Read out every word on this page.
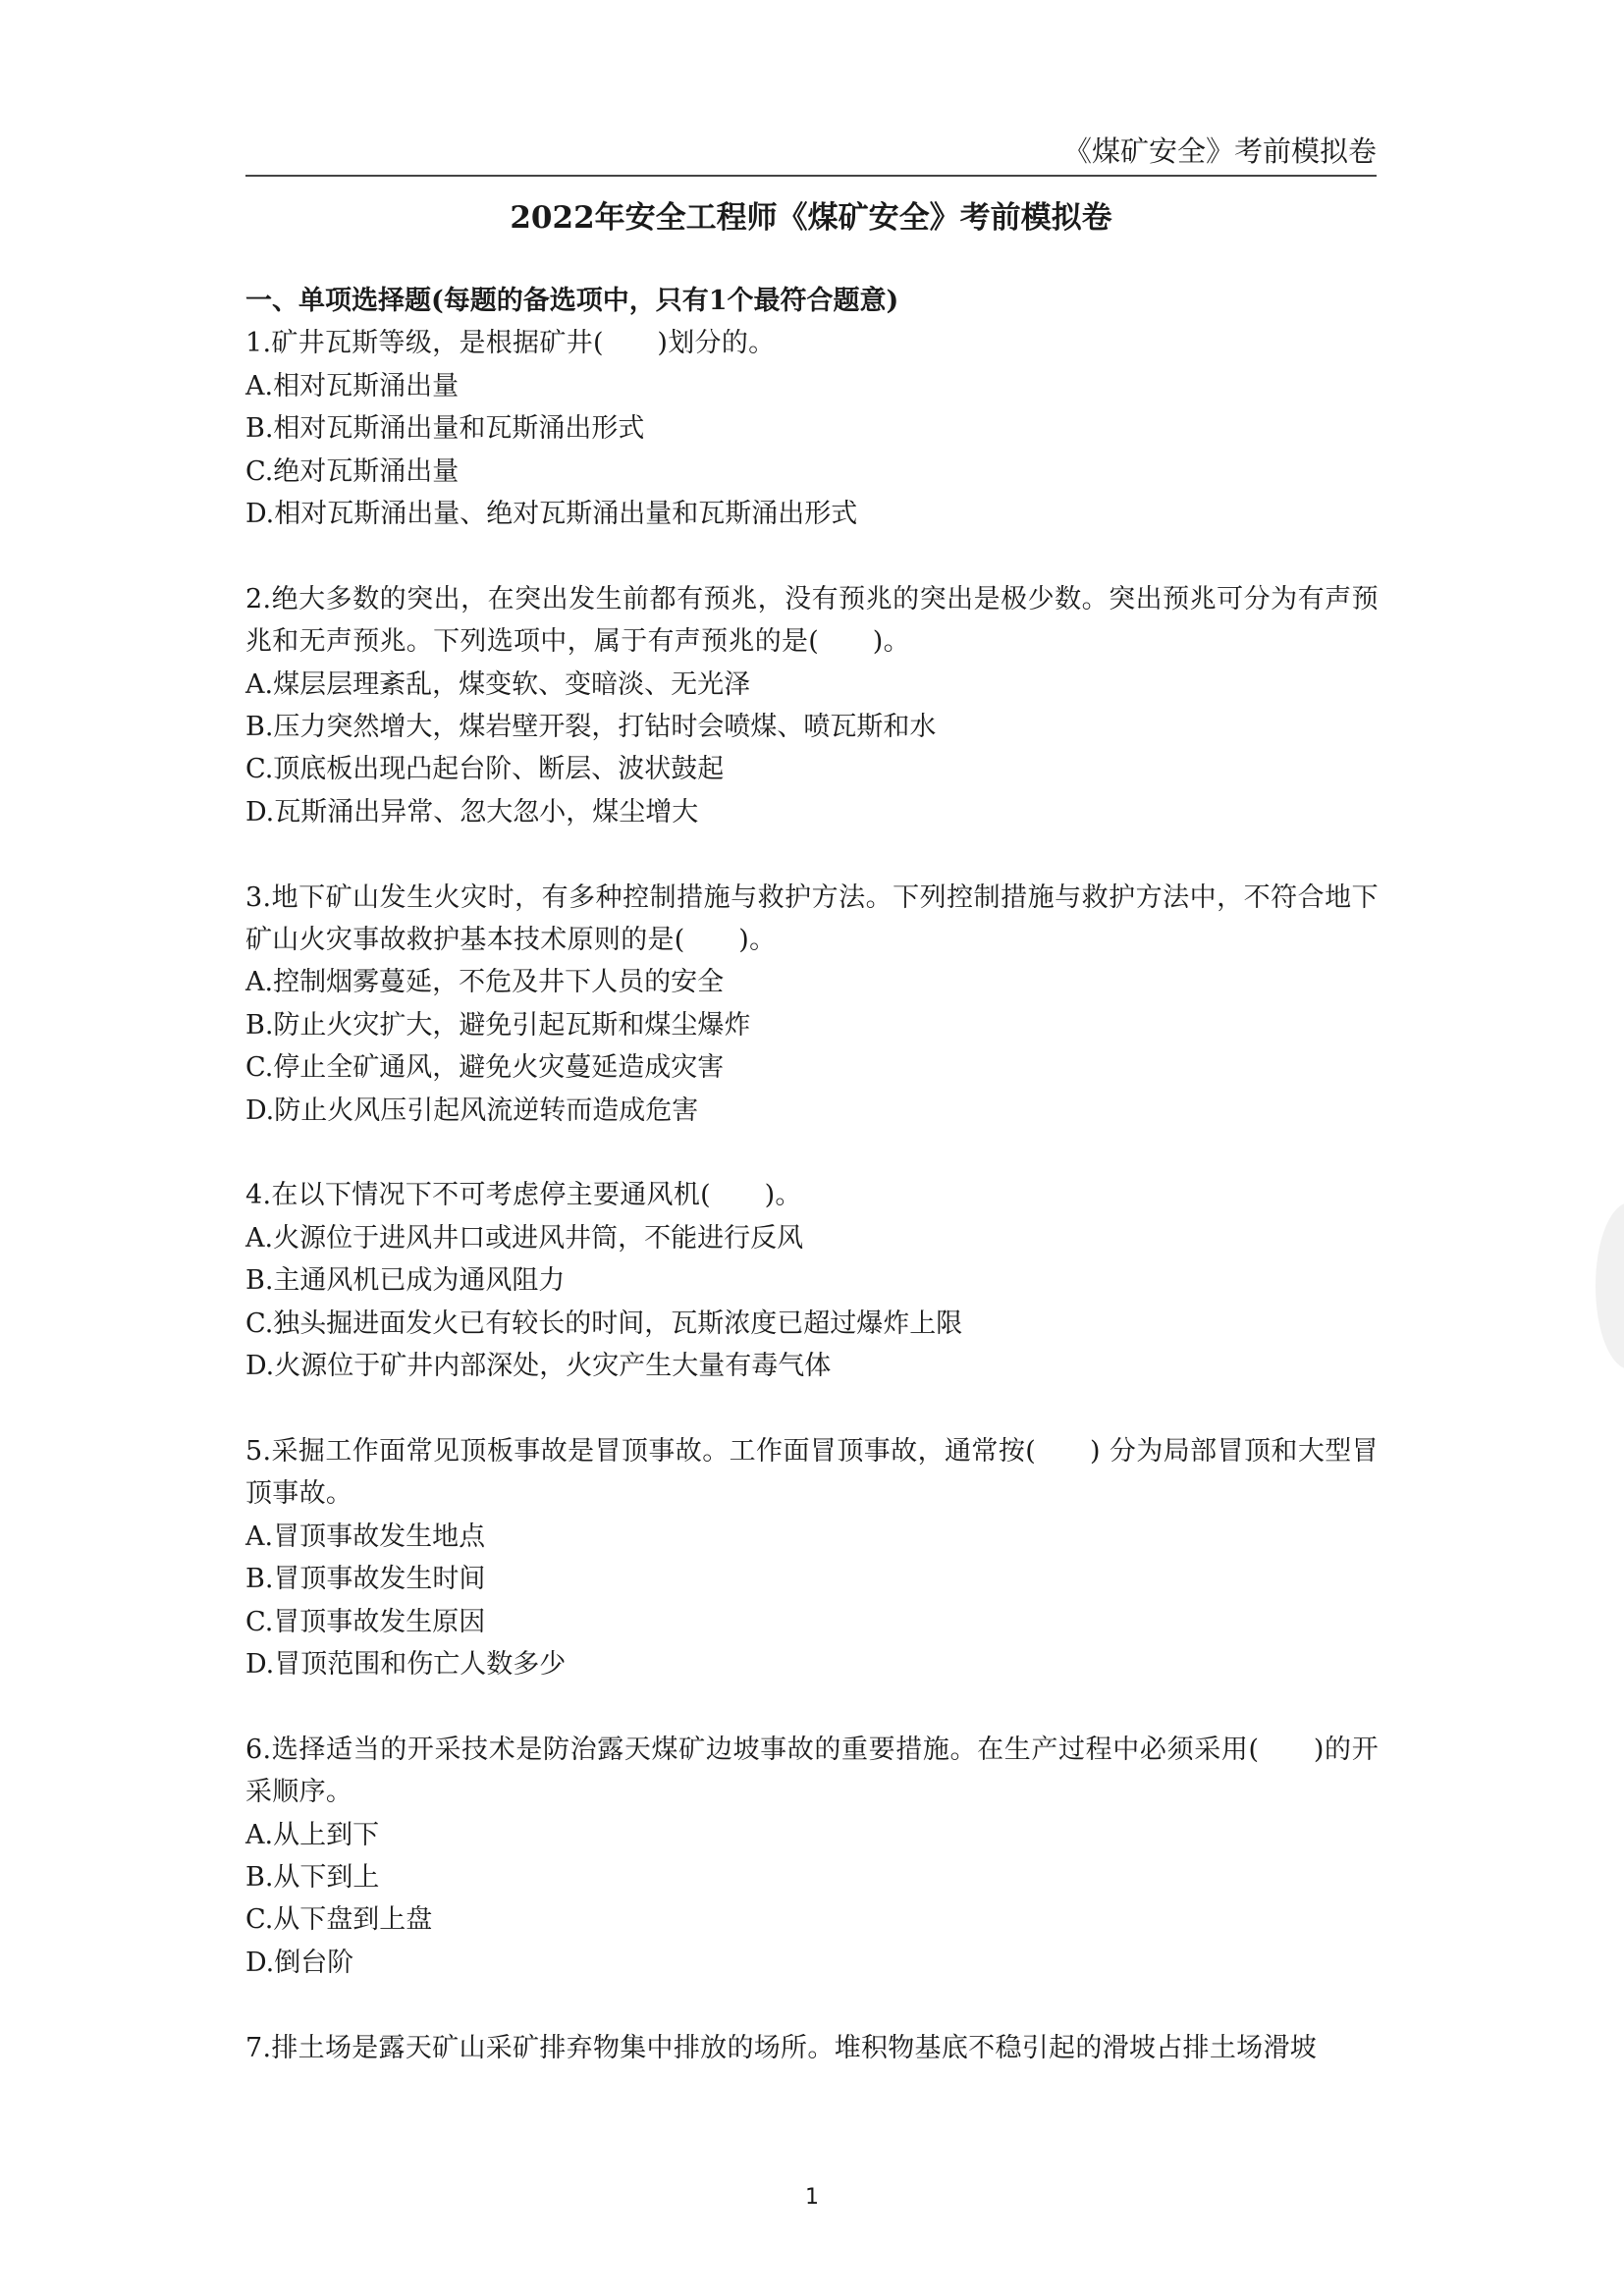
《煤矿安全》考前模拟卷
2022年安全工程师《煤矿安全》考前模拟卷

一、单项选择题(每题的备选项中，只有1个最符合题意)

1.矿井瓦斯等级，是根据矿井(　　)划分的。

A.相对瓦斯涌出量

B.相对瓦斯涌出量和瓦斯涌出形式

C.绝对瓦斯涌出量

D.相对瓦斯涌出量、绝对瓦斯涌出量和瓦斯涌出形式

2.绝大多数的突出，在突出发生前都有预兆，没有预兆的突出是极少数。突出预兆可分为有声预兆和无声预兆。下列选项中，属于有声预兆的是(　　)。

A.煤层层理紊乱，煤变软、变暗淡、无光泽

B.压力突然增大，煤岩壁开裂，打钻时会喷煤、喷瓦斯和水

C.顶底板出现凸起台阶、断层、波状鼓起

D.瓦斯涌出异常、忽大忽小，煤尘增大

3.地下矿山发生火灾时，有多种控制措施与救护方法。下列控制措施与救护方法中，不符合地下矿山火灾事故救护基本技术原则的是(　　)。

A.控制烟雾蔓延，不危及井下人员的安全

B.防止火灾扩大，避免引起瓦斯和煤尘爆炸

C.停止全矿通风，避免火灾蔓延造成灾害

D.防止火风压引起风流逆转而造成危害

4.在以下情况下不可考虑停主要通风机(　　)。

A.火源位于进风井口或进风井筒，不能进行反风

B.主通风机已成为通风阻力

C.独头掘进面发火已有较长的时间，瓦斯浓度已超过爆炸上限

D.火源位于矿井内部深处，火灾产生大量有毒气体

5.采掘工作面常见顶板事故是冒顶事故。工作面冒顶事故，通常按(　　) 分为局部冒顶和大型冒顶事故。

A.冒顶事故发生地点

B.冒顶事故发生时间

C.冒顶事故发生原因

D.冒顶范围和伤亡人数多少

6.选择适当的开采技术是防治露天煤矿边坡事故的重要措施。在生产过程中必须采用(　　)的开采顺序。

A.从上到下

B.从下到上

C.从下盘到上盘

D.倒台阶

7.排土场是露天矿山采矿排弃物集中排放的场所。堆积物基底不稳引起的滑坡占排土场滑坡

1
